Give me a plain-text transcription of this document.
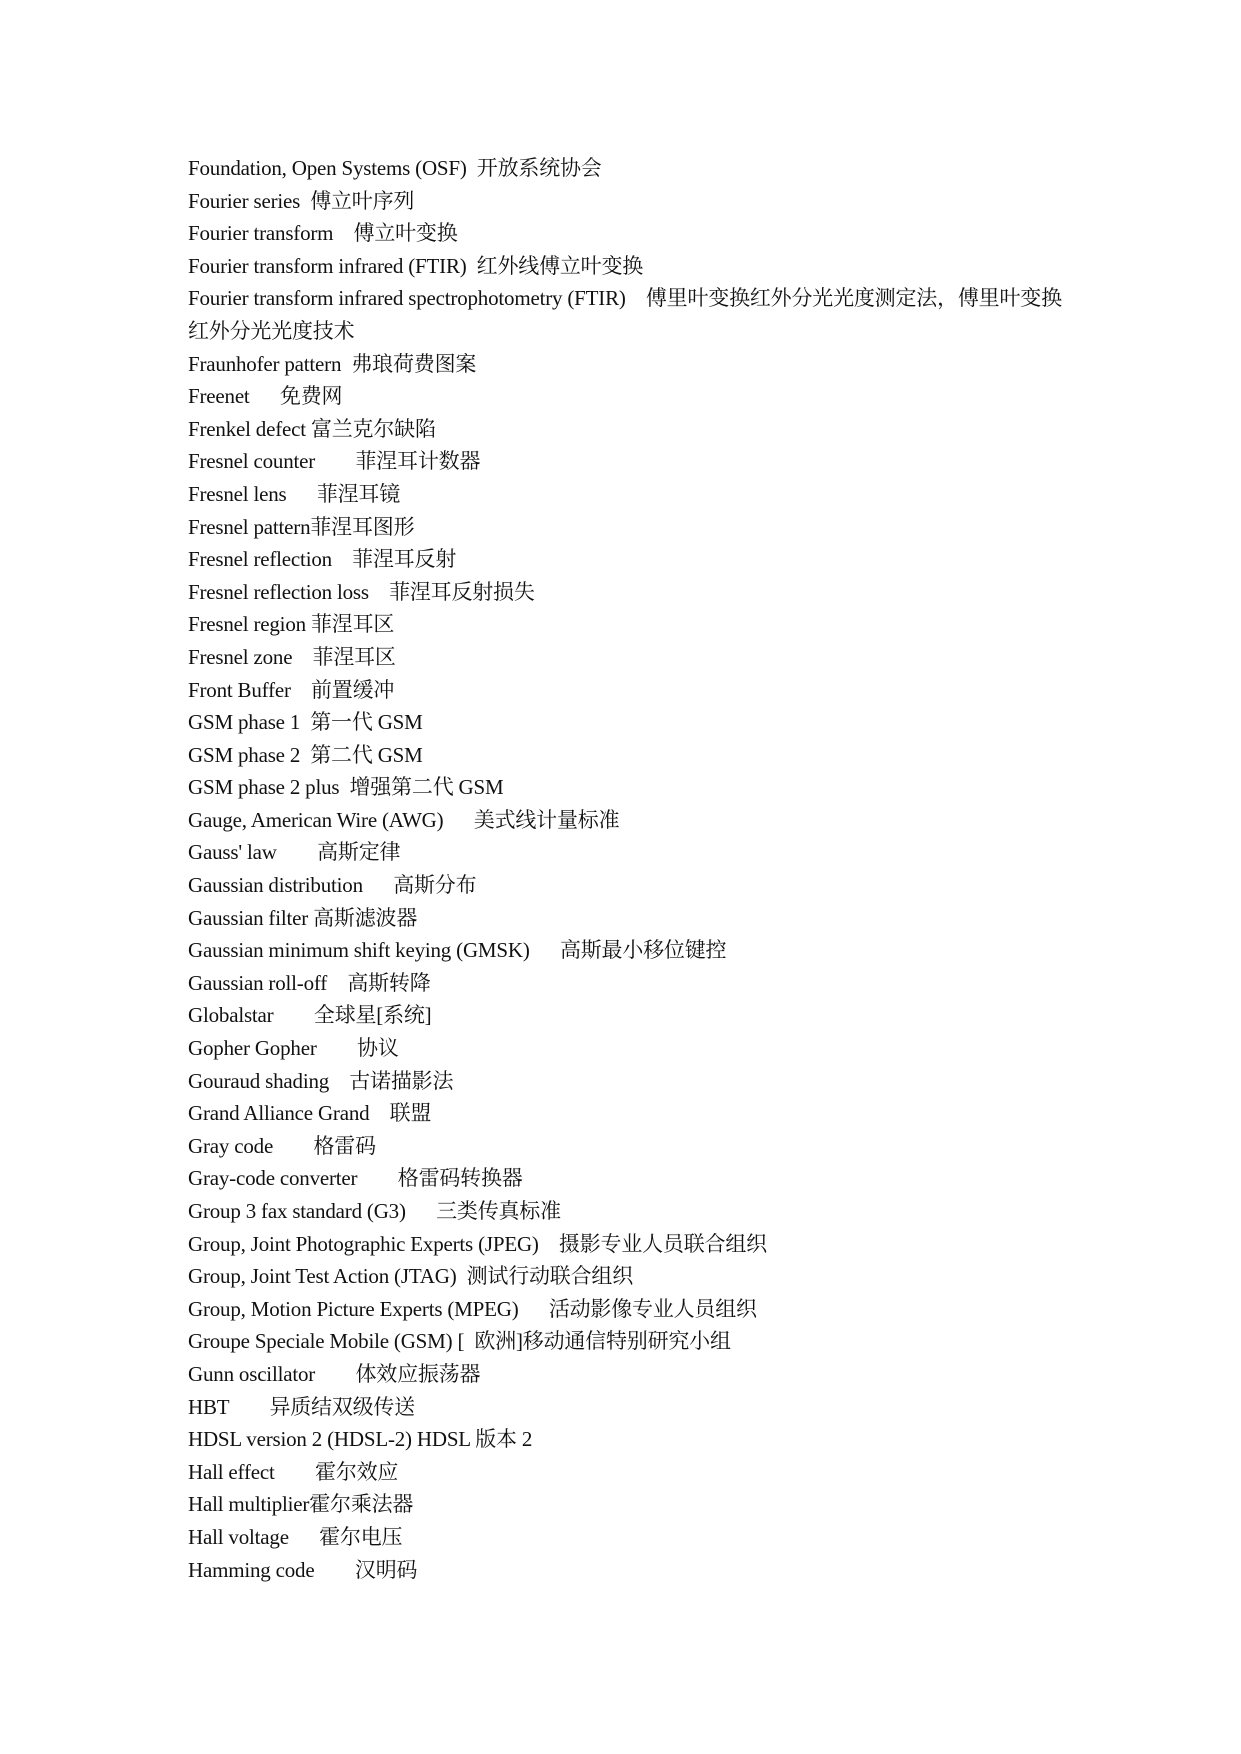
Foundation, Open Systems (OSF) 开放系统协会

Fourier series 傅立叶序列

Fourier transform 傅立叶变换

Fourier transform infrared (FTIR) 红外线傅立叶变换

Fourier transform infrared spectrophotometry (FTIR) 傅里叶变换红外分光光度测定法，傅里叶变换红外分光光度技术

Fraunhofer pattern 弗琅荷费图案

Freenet 免费网

Frenkel defect 富兰克尔缺陷

Fresnel counter 菲涅耳计数器

Fresnel lens 菲涅耳镜

Fresnel pattern菲涅耳图形

Fresnel reflection 菲涅耳反射

Fresnel reflection loss 菲涅耳反射损失

Fresnel region 菲涅耳区

Fresnel zone 菲涅耳区

Front Buffer 前置缓冲

GSM phase 1 第一代 GSM

GSM phase 2 第二代 GSM

GSM phase 2 plus 增强第二代 GSM

Gauge, American Wire (AWG) 美式线计量标准

Gauss' law 高斯定律

Gaussian distribution 高斯分布

Gaussian filter 高斯滤波器

Gaussian minimum shift keying (GMSK) 高斯最小移位键控

Gaussian roll-off 高斯转降

Globalstar 全球星[系统]

Gopher Gopher 协议

Gouraud shading 古诺描影法

Grand Alliance Grand 联盟

Gray code 格雷码

Gray-code converter 格雷码转换器

Group 3 fax standard (G3) 三类传真标准

Group, Joint Photographic Experts (JPEG) 摄影专业人员联合组织

Group, Joint Test Action (JTAG) 测试行动联合组织

Group, Motion Picture Experts (MPEG) 活动影像专业人员组织

Groupe Speciale Mobile (GSM) [ 欧洲]移动通信特别研究小组

Gunn oscillator 体效应振荡器

HBT 异质结双级传送

HDSL version 2 (HDSL-2) HDSL 版本 2

Hall effect 霍尔效应

Hall multiplier霍尔乘法器

Hall voltage 霍尔电压

Hamming code 汉明码
